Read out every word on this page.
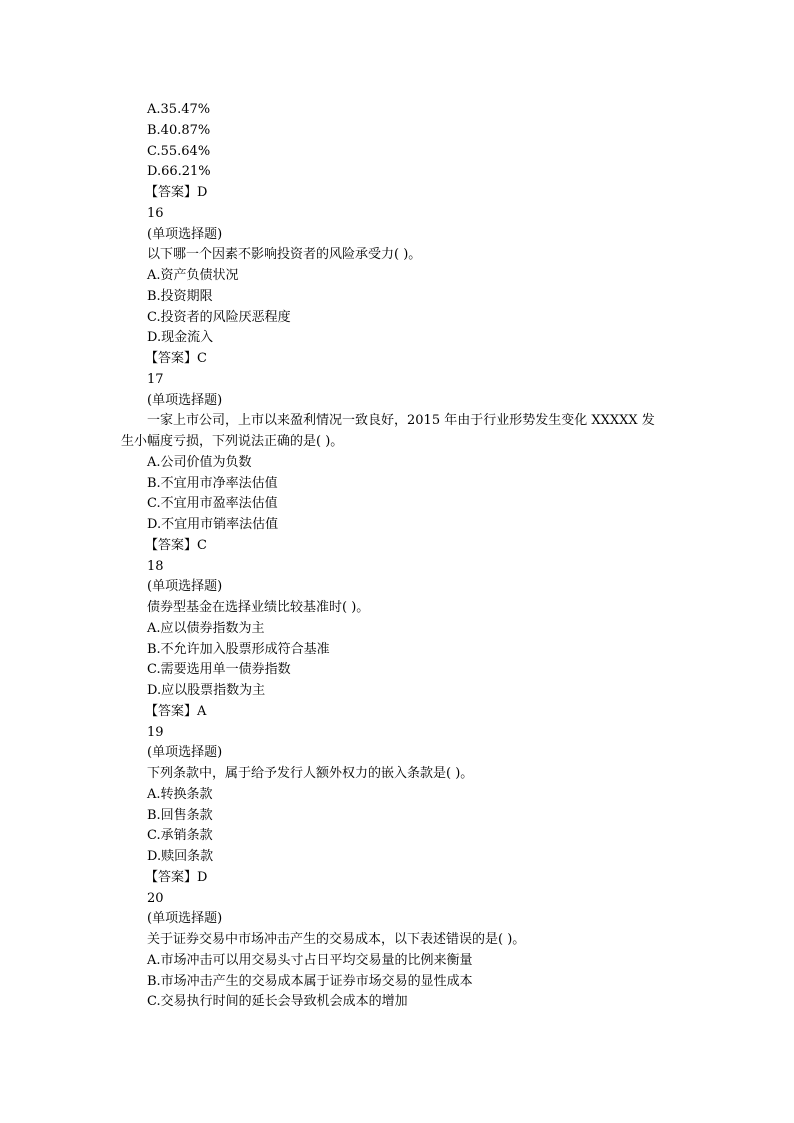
A.35.47%
B.40.87%
C.55.64%
D.66.21%
【答案】D
16
(单项选择题)
以下哪一个因素不影响投资者的风险承受力( )。
A.资产负债状况
B.投资期限
C.投资者的风险厌恶程度
D.现金流入
【答案】C
17
(单项选择题)
一家上市公司，上市以来盈利情况一致良好，2015 年由于行业形势发生变化 XXXXX 发
生小幅度亏损，下列说法正确的是( )。
A.公司价值为负数
B.不宜用市净率法估值
C.不宜用市盈率法估值
D.不宜用市销率法估值
【答案】C
18
(单项选择题)
债券型基金在选择业绩比较基准时( )。
A.应以债券指数为主
B.不允许加入股票形成符合基准
C.需要选用单一债券指数
D.应以股票指数为主
【答案】A
19
(单项选择题)
下列条款中，属于给予发行人额外权力的嵌入条款是( )。
A.转换条款
B.回售条款
C.承销条款
D.赎回条款
【答案】D
20
(单项选择题)
关于证券交易中市场冲击产生的交易成本，以下表述错误的是( )。
A.市场冲击可以用交易头寸占日平均交易量的比例来衡量
B.市场冲击产生的交易成本属于证券市场交易的显性成本
C.交易执行时间的延长会导致机会成本的增加
